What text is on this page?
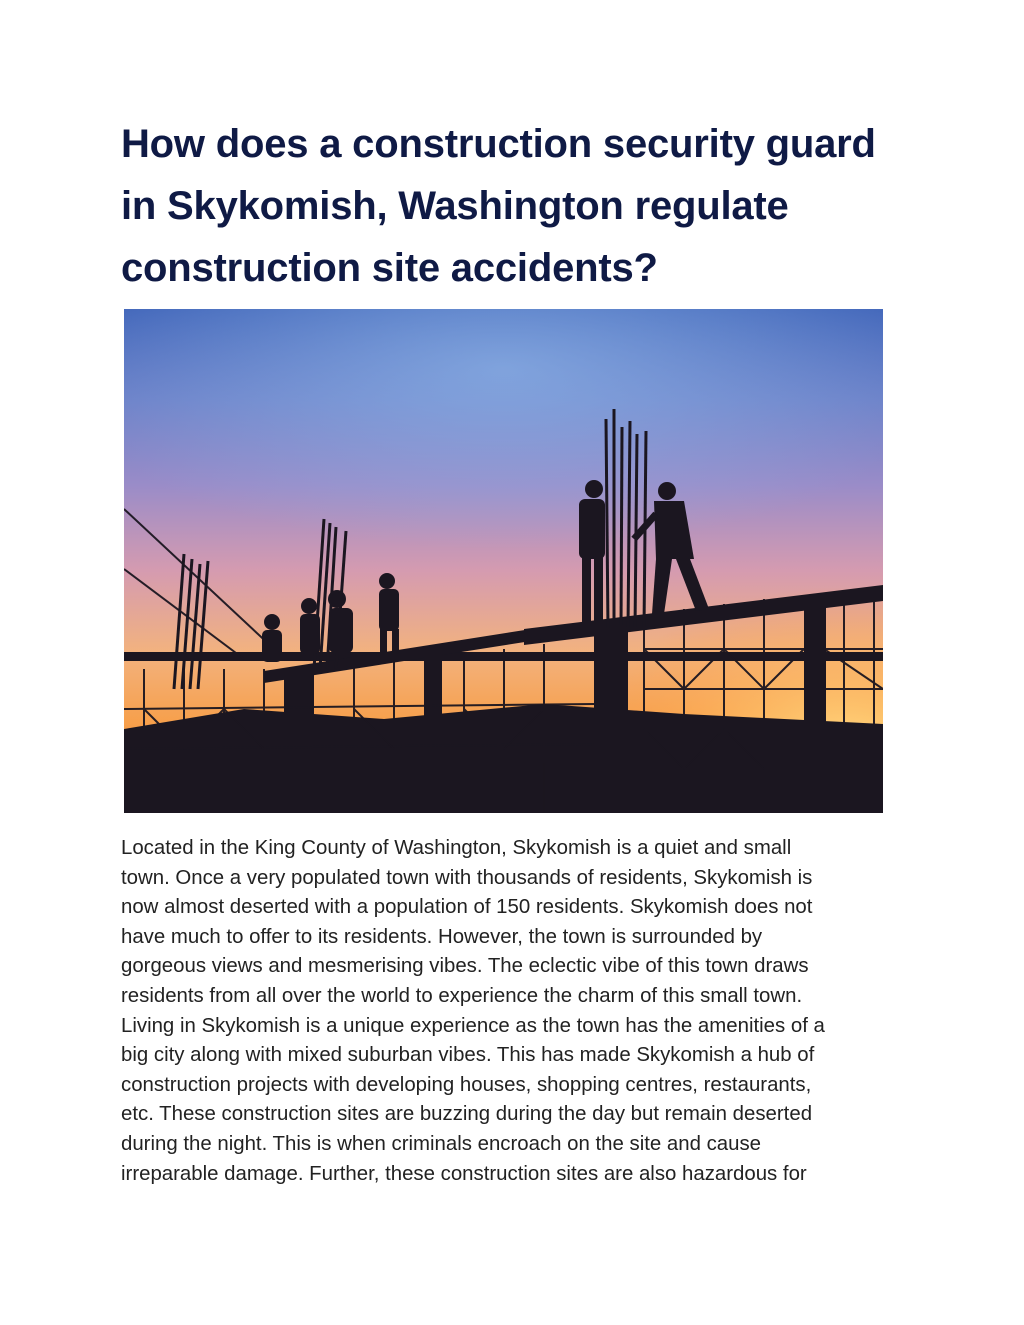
How does a construction security guard
in Skykomish, Washington regulate
construction site accidents?

Located in the King County of Washington, Skykomish is a quiet and small
town. Once a very populated town with thousands of residents, Skykomish is
now almost deserted with a population of 150 residents. Skykomish does not
have much to offer to its residents. However, the town is surrounded by
gorgeous views and mesmerising vibes. The eclectic vibe of this town draws
residents from all over the world to experience the charm of this small town.
Living in Skykomish is a unique experience as the town has the amenities of a
big city along with mixed suburban vibes. This has made Skykomish a hub of
construction projects with developing houses, shopping centres, restaurants,
etc. These construction sites are buzzing during the day but remain deserted
during the night. This is when criminals encroach on the site and cause
irreparable damage. Further, these construction sites are also hazardous for
